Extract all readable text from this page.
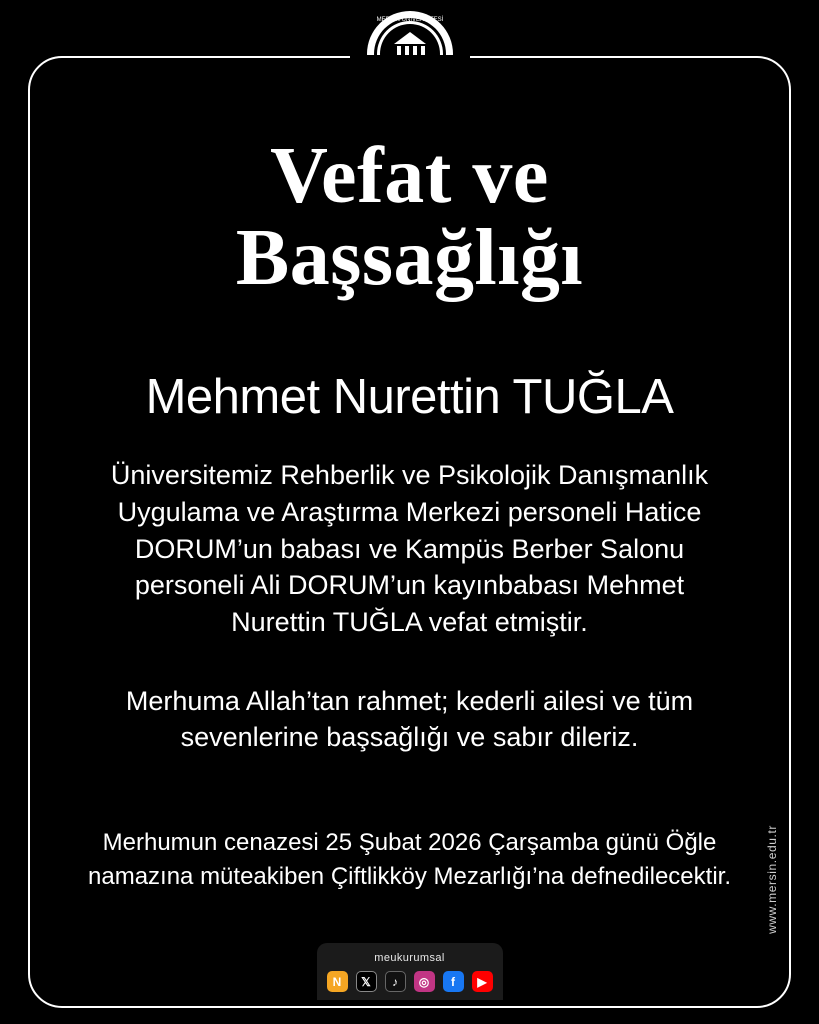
MERSİN ÜNİVERSİTESİ
Vefat ve
Başsağlığı
Mehmet Nurettin TUĞLA

Üniversitemiz Rehberlik ve Psikolojik Danışmanlık Uygulama ve Araştırma Merkezi personeli Hatice DORUM’un babası ve Kampüs Berber Salonu personeli Ali DORUM’un kayınbabası Mehmet Nurettin TUĞLA vefat etmiştir.

Merhuma Allah’tan rahmet; kederli ailesi ve tüm sevenlerine başsağlığı ve sabır dileriz.

Merhumun cenazesi 25 Şubat 2026 Çarşamba günü Öğle namazına müteakiben Çiftlikköy Mezarlığı’na defnedilecektir.	www.mersin.edu.tr
meukurumsal
N	𝕏	♪	◎	f	▶
